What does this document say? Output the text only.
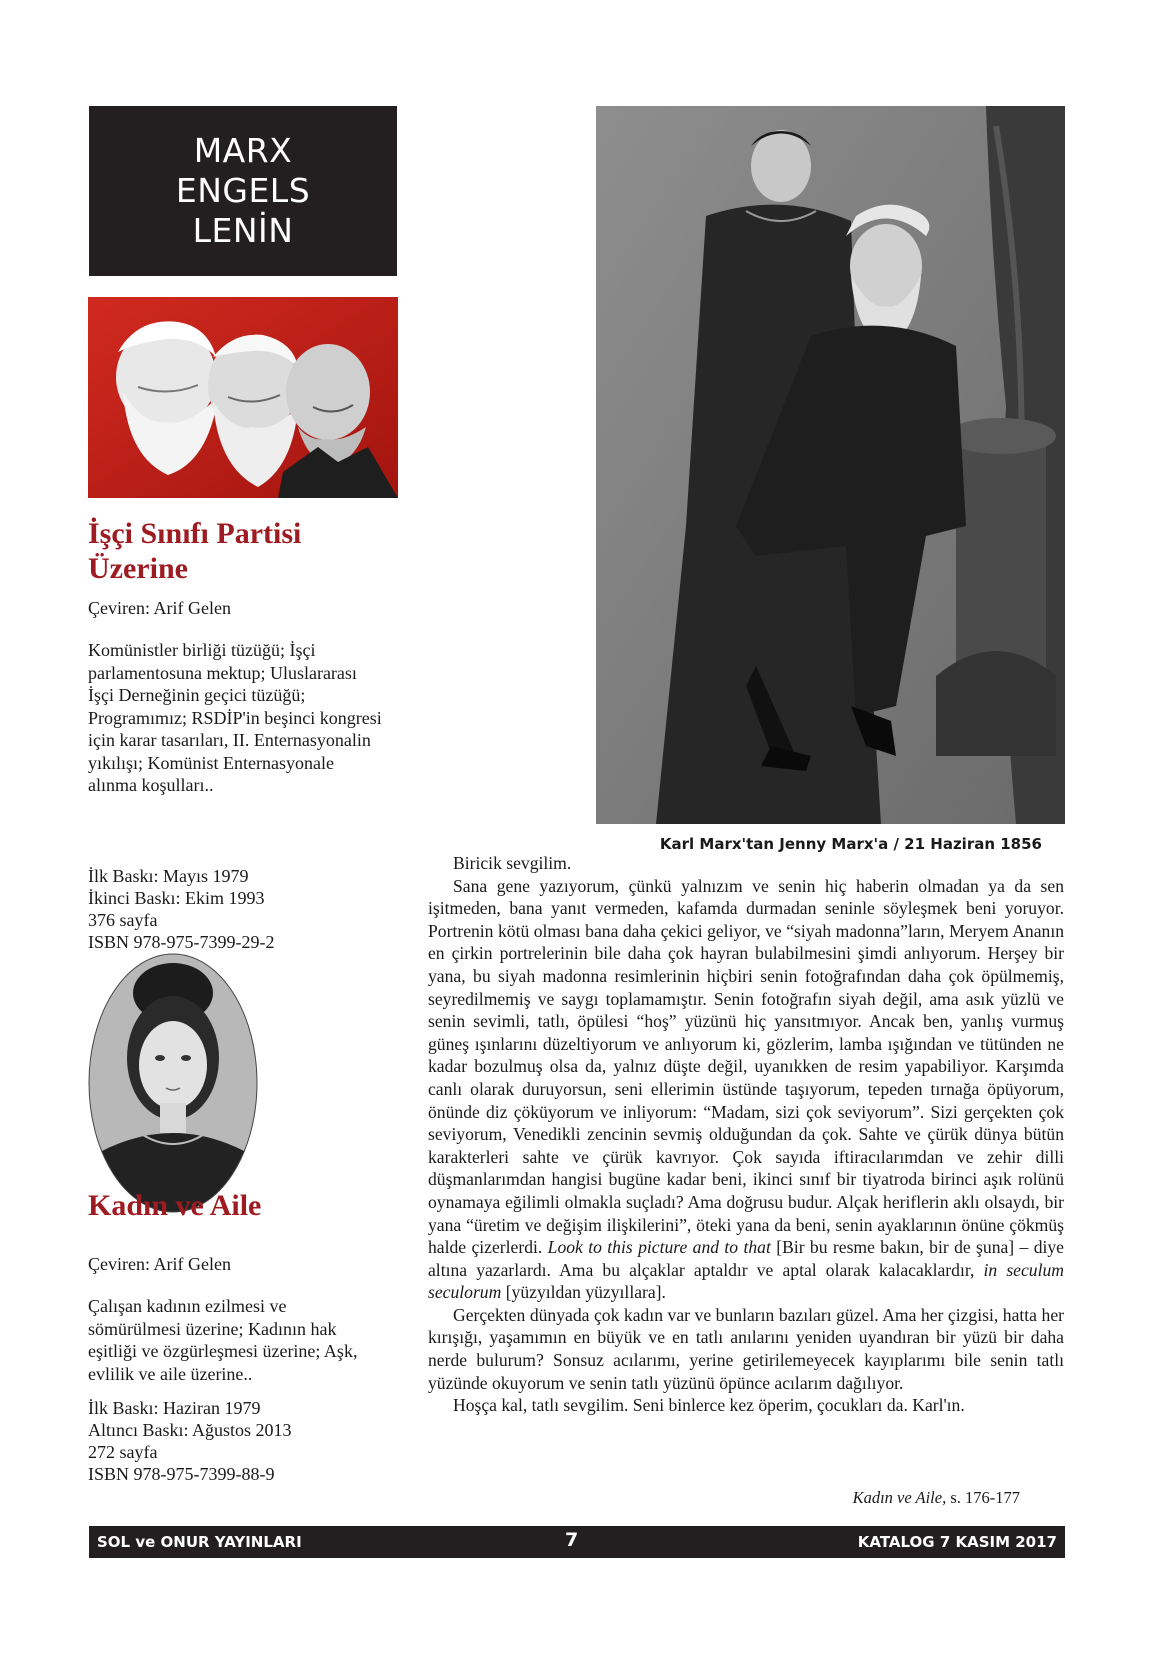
MARX
ENGELS
LENİN
İşçi Sınıfı Partisi
Üzerine
Çeviren: Arif Gelen
Komünistler birliği tüzüğü; İşçi parlamentosuna mektup; Uluslararası İşçi Derneğinin geçici tüzüğü; Programımız; RSDİP'in beşinci kongresi için karar tasarıları, II. Enternasyonalin yıkılışı; Komünist Enternasyonale alınma koşulları..
İlk Baskı: Mayıs 1979
İkinci Baskı: Ekim 1993
376 sayfa
ISBN 978-975-7399-29-2
Kadın ve Aile
Çeviren: Arif Gelen
Çalışan kadının ezilmesi ve sömürülmesi üzerine; Kadının hak eşitliği ve özgürleşmesi üzerine; Aşk, evlilik ve aile üzerine..
İlk Baskı: Haziran 1979
Altıncı Baskı: Ağustos 2013
272 sayfa
ISBN 978-975-7399-88-9
Karl Marx'tan Jenny Marx'a / 21 Haziran 1856

Biricik sevgilim.

Sana gene yazıyorum, çünkü yalnızım ve senin hiç haberin olmadan ya da sen işitmeden, bana yanıt vermeden, kafamda durmadan seninle söyleşmek beni yoruyor. Portrenin kötü olması bana daha çekici geliyor, ve “siyah madonna”ların, Meryem Ananın en çirkin portrelerinin bile daha çok hayran bulabilmesini şimdi anlıyorum. Herşey bir yana, bu siyah madonna resimlerinin hiçbiri senin fotoğrafından daha çok öpülmemiş, seyredilmemiş ve saygı toplamamıştır. Senin fotoğrafın siyah değil, ama asık yüzlü ve senin sevimli, tatlı, öpülesi “hoş” yüzünü hiç yansıtmıyor. Ancak ben, yanlış vurmuş güneş ışınlarını düzeltiyorum ve anlıyorum ki, gözlerim, lamba ışığından ve tütünden ne kadar bozulmuş olsa da, yalnız düşte değil, uyanıkken de resim yapabiliyor. Karşımda canlı olarak duruyorsun, seni ellerimin üstünde taşıyorum, tepeden tırnağa öpüyorum, önünde diz çöküyorum ve inliyorum: “Madam, sizi çok seviyorum”. Sizi gerçekten çok seviyorum, Venedikli zencinin sevmiş olduğundan da çok. Sahte ve çürük dünya bütün karakterleri sahte ve çürük kavrıyor. Çok sayıda iftiracılarımdan ve zehir dilli düşmanlarımdan hangisi bugüne kadar beni, ikinci sınıf bir tiyatroda birinci aşık rolünü oynamaya eğilimli olmakla suçladı? Ama doğrusu budur. Alçak heriflerin aklı olsaydı, bir yana “üretim ve değişim ilişkilerini”, öteki yana da beni, senin ayaklarının önüne çökmüş halde çizerlerdi. Look to this picture and to that [Bir bu resme bakın, bir de şuna] – diye altına yazarlardı. Ama bu alçaklar aptaldır ve aptal olarak kalacaklardır, in seculum seculorum [yüzyıldan yüzyıllara].

Gerçekten dünyada çok kadın var ve bunların bazıları güzel. Ama her çizgisi, hatta her kırışığı, yaşamımın en büyük ve en tatlı anılarını yeniden uyandıran bir yüzü bir daha nerde bulurum? Sonsuz acılarımı, yerine getirilemeyecek kayıplarımı bile senin tatlı yüzünde okuyorum ve senin tatlı yüzünü öpünce acılarım dağılıyor.

Hoşça kal, tatlı sevgilim. Seni binlerce kez öperim, çocukları da. Karl'ın.

Kadın ve Aile, s. 176-177
SOL ve ONUR YAYINLARI	7	KATALOG 7 KASIM 2017
